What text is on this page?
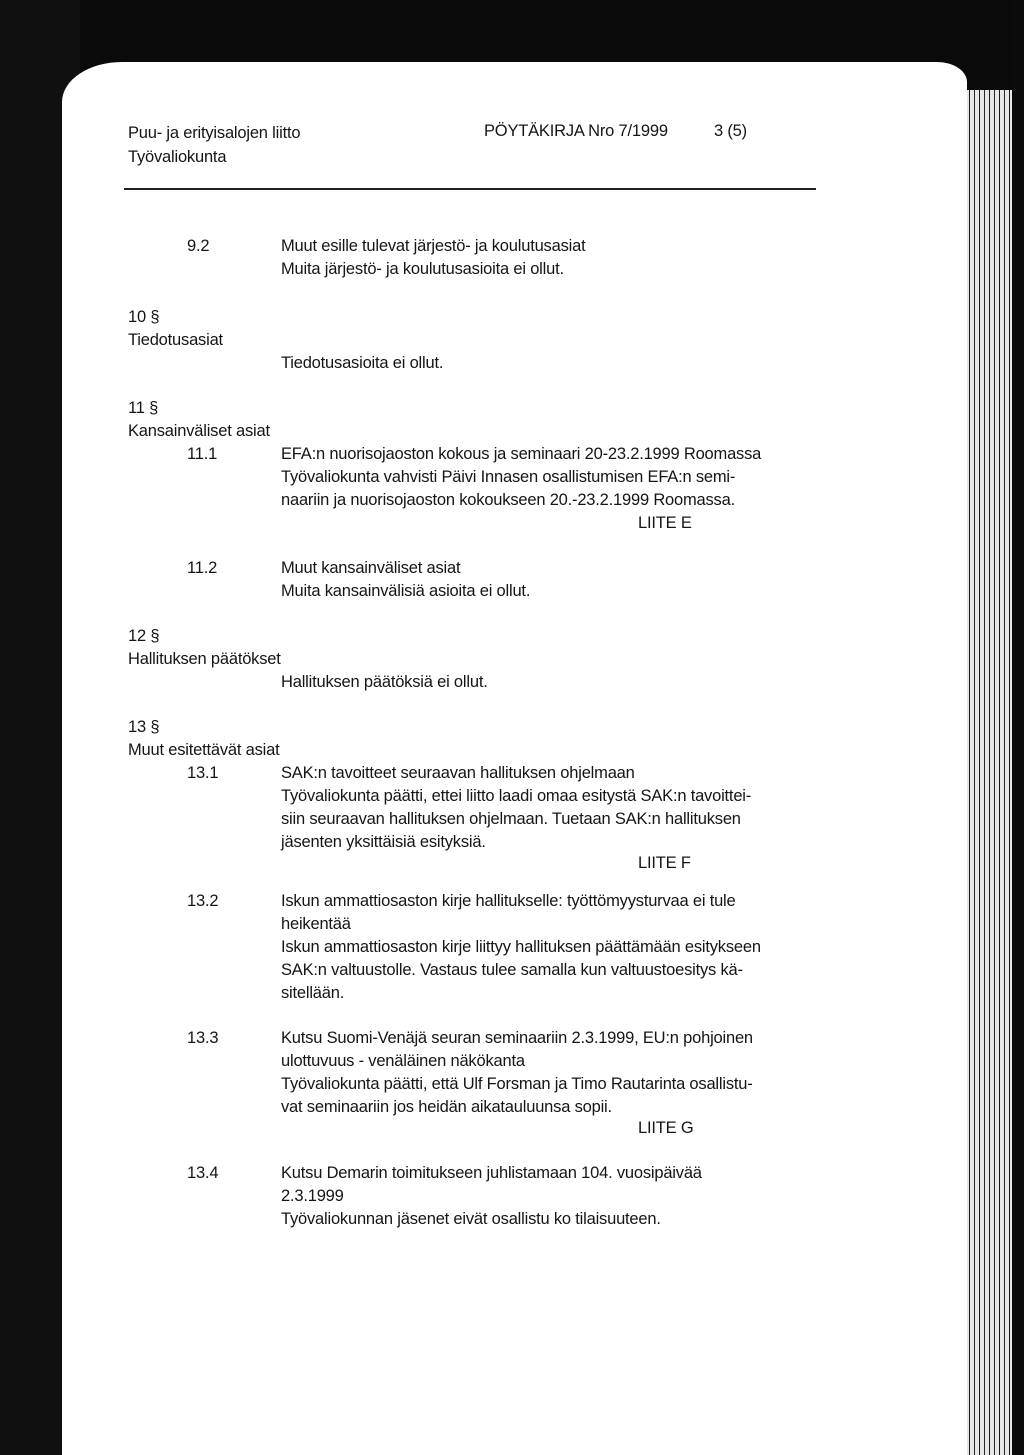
Puu- ja erityisalojen liitto
Työvaliokunta
PÖYTÄKIRJA Nro 7/1999	3 (5)
9.2	Muut esille tulevat järjestö- ja koulutusasiat
Muita järjestö- ja koulutusasioita ei ollut.
10 §
Tiedotusasiat
Tiedotusasioita ei ollut.
11 §
Kansainväliset asiat
11.1	EFA:n nuorisojaoston kokous ja seminaari 20-23.2.1999 Roomassa
Työvaliokunta vahvisti Päivi Innasen osallistumisen EFA:n semi-
naariin ja nuorisojaoston kokoukseen 20.-23.2.1999 Roomassa.
LIITE E
11.2	Muut kansainväliset asiat
Muita kansainvälisiä asioita ei ollut.
12 §
Hallituksen päätökset
Hallituksen päätöksiä ei ollut.
13 §
Muut esitettävät asiat
13.1	SAK:n tavoitteet seuraavan hallituksen ohjelmaan
Työvaliokunta päätti, ettei liitto laadi omaa esitystä SAK:n tavoittei-
siin seuraavan hallituksen ohjelmaan. Tuetaan SAK:n hallituksen
jäsenten yksittäisiä esityksiä.
LIITE F
13.2	Iskun ammattiosaston kirje hallitukselle: työttömyysturvaa ei tule
heikentää
Iskun ammattiosaston kirje liittyy hallituksen päättämään esitykseen
SAK:n valtuustolle. Vastaus tulee samalla kun valtuustoesitys kä-
sitellään.
13.3	Kutsu Suomi-Venäjä seuran seminaariin 2.3.1999, EU:n pohjoinen
ulottuvuus - venäläinen näkökanta
Työvaliokunta päätti, että Ulf Forsman ja Timo Rautarinta osallistu-
vat seminaariin jos heidän aikatauluunsa sopii.
LIITE G
13.4	Kutsu Demarin toimitukseen juhlistamaan 104. vuosipäivää
2.3.1999
Työvaliokunnan jäsenet eivät osallistu ko tilaisuuteen.
